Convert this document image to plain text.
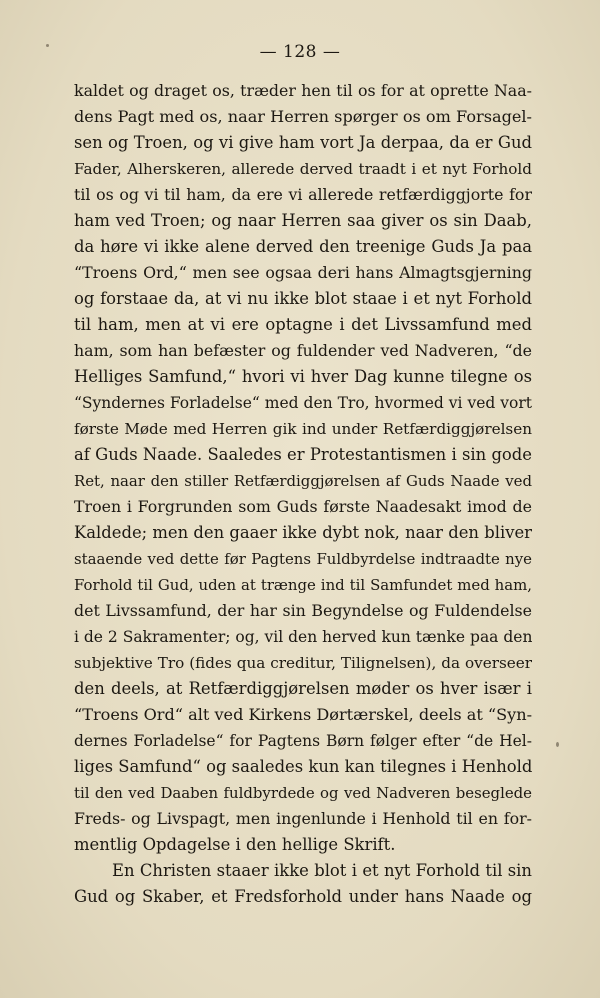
— 128 —
kaldet og draget os, træder hen til os for at oprette Naa-
dens Pagt med os, naar Herren spørger os om Forsagel-
sen og Troen, og vi give ham vort Ja derpaa, da er Gud
Fader, Alherskeren, allerede derved traadt i et nyt Forhold
til os og vi til ham, da ere vi allerede retfærdiggjorte for
ham ved Troen; og naar Herren saa giver os sin Daab,
da høre vi ikke alene derved den treenige Guds Ja paa
“Troens Ord,“ men see ogsaa deri hans Almagtsgjerning
og forstaae da, at vi nu ikke blot staae i et nyt Forhold
til ham, men at vi ere optagne i det Livssamfund med
ham, som han befæster og fuldender ved Nadveren, “de
Helliges Samfund,“ hvori vi hver Dag kunne tilegne os
“Syndernes Forladelse“ med den Tro, hvormed vi ved vort
første Møde med Herren gik ind under Retfærdiggjørelsen
af Guds Naade. Saaledes er Protestantismen i sin gode
Ret, naar den stiller Retfærdiggjørelsen af Guds Naade ved
Troen i Forgrunden som Guds første Naadesakt imod de
Kaldede; men den gaaer ikke dybt nok, naar den bliver
staaende ved dette før Pagtens Fuldbyrdelse indtraadte nye
Forhold til Gud, uden at trænge ind til Samfundet med ham,
det Livssamfund, der har sin Begyndelse og Fuldendelse
i de 2 Sakramenter; og, vil den herved kun tænke paa den
subjektive Tro (fides qua creditur, Tilignelsen), da overseer
den deels, at Retfærdiggjørelsen møder os hver især i
“Troens Ord“ alt ved Kirkens Dørtærskel, deels at “Syn-
dernes Forladelse“ for Pagtens Børn følger efter “de Hel-
liges Samfund“ og saaledes kun kan tilegnes i Henhold
til den ved Daaben fuldbyrdede og ved Nadveren beseglede
Freds- og Livspagt, men ingenlunde i Henhold til en for-
mentlig Opdagelse i den hellige Skrift.
En Christen staaer ikke blot i et nyt Forhold til sin
Gud og Skaber, et Fredsforhold under hans Naade og
